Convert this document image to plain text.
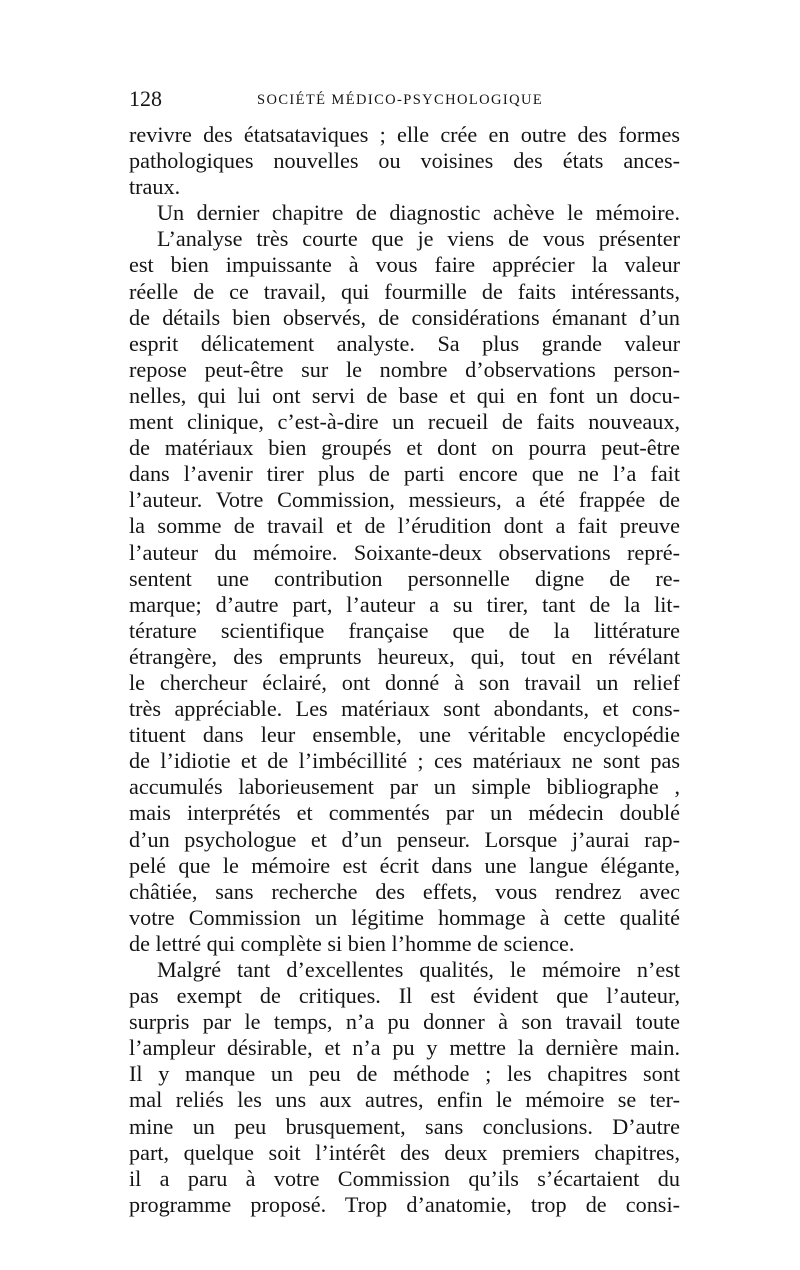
128	SOCIÉTÉ MÉDICO-PSYCHOLOGIQUE
revivre des étatsataviques ; elle crée en outre des formes
pathologiques nouvelles ou voisines des états ances-
traux.
Un dernier chapitre de diagnostic achève le mémoire.
L’analyse très courte que je viens de vous présenter
est bien impuissante à vous faire apprécier la valeur
réelle de ce travail, qui fourmille de faits intéressants,
de détails bien observés, de considérations émanant d’un
esprit délicatement analyste. Sa plus grande valeur
repose peut-être sur le nombre d’observations person-
nelles, qui lui ont servi de base et qui en font un docu-
ment clinique, c’est-à-dire un recueil de faits nouveaux,
de matériaux bien groupés et dont on pourra peut-être
dans l’avenir tirer plus de parti encore que ne l’a fait
l’auteur. Votre Commission, messieurs, a été frappée de
la somme de travail et de l’érudition dont a fait preuve
l’auteur du mémoire. Soixante-deux observations repré-
sentent une contribution personnelle digne de re-
marque; d’autre part, l’auteur a su tirer, tant de la lit-
térature scientifique française que de la littérature
étrangère, des emprunts heureux, qui, tout en révélant
le chercheur éclairé, ont donné à son travail un relief
très appréciable. Les matériaux sont abondants, et cons-
tituent dans leur ensemble, une véritable encyclopédie
de l’idiotie et de l’imbécillité ; ces matériaux ne sont pas
accumulés laborieusement par un simple bibliographe ,
mais interprétés et commentés par un médecin doublé
d’un psychologue et d’un penseur. Lorsque j’aurai rap-
pelé que le mémoire est écrit dans une langue élégante,
châtiée, sans recherche des effets, vous rendrez avec
votre Commission un légitime hommage à cette qualité
de lettré qui complète si bien l’homme de science.
Malgré tant d’excellentes qualités, le mémoire n’est
pas exempt de critiques. Il est évident que l’auteur,
surpris par le temps, n’a pu donner à son travail toute
l’ampleur désirable, et n’a pu y mettre la dernière main.
Il y manque un peu de méthode ; les chapitres sont
mal reliés les uns aux autres, enfin le mémoire se ter-
mine un peu brusquement, sans conclusions. D’autre
part, quelque soit l’intérêt des deux premiers chapitres,
il a paru à votre Commission qu’ils s’écartaient du
programme proposé. Trop d’anatomie, trop de consi-
